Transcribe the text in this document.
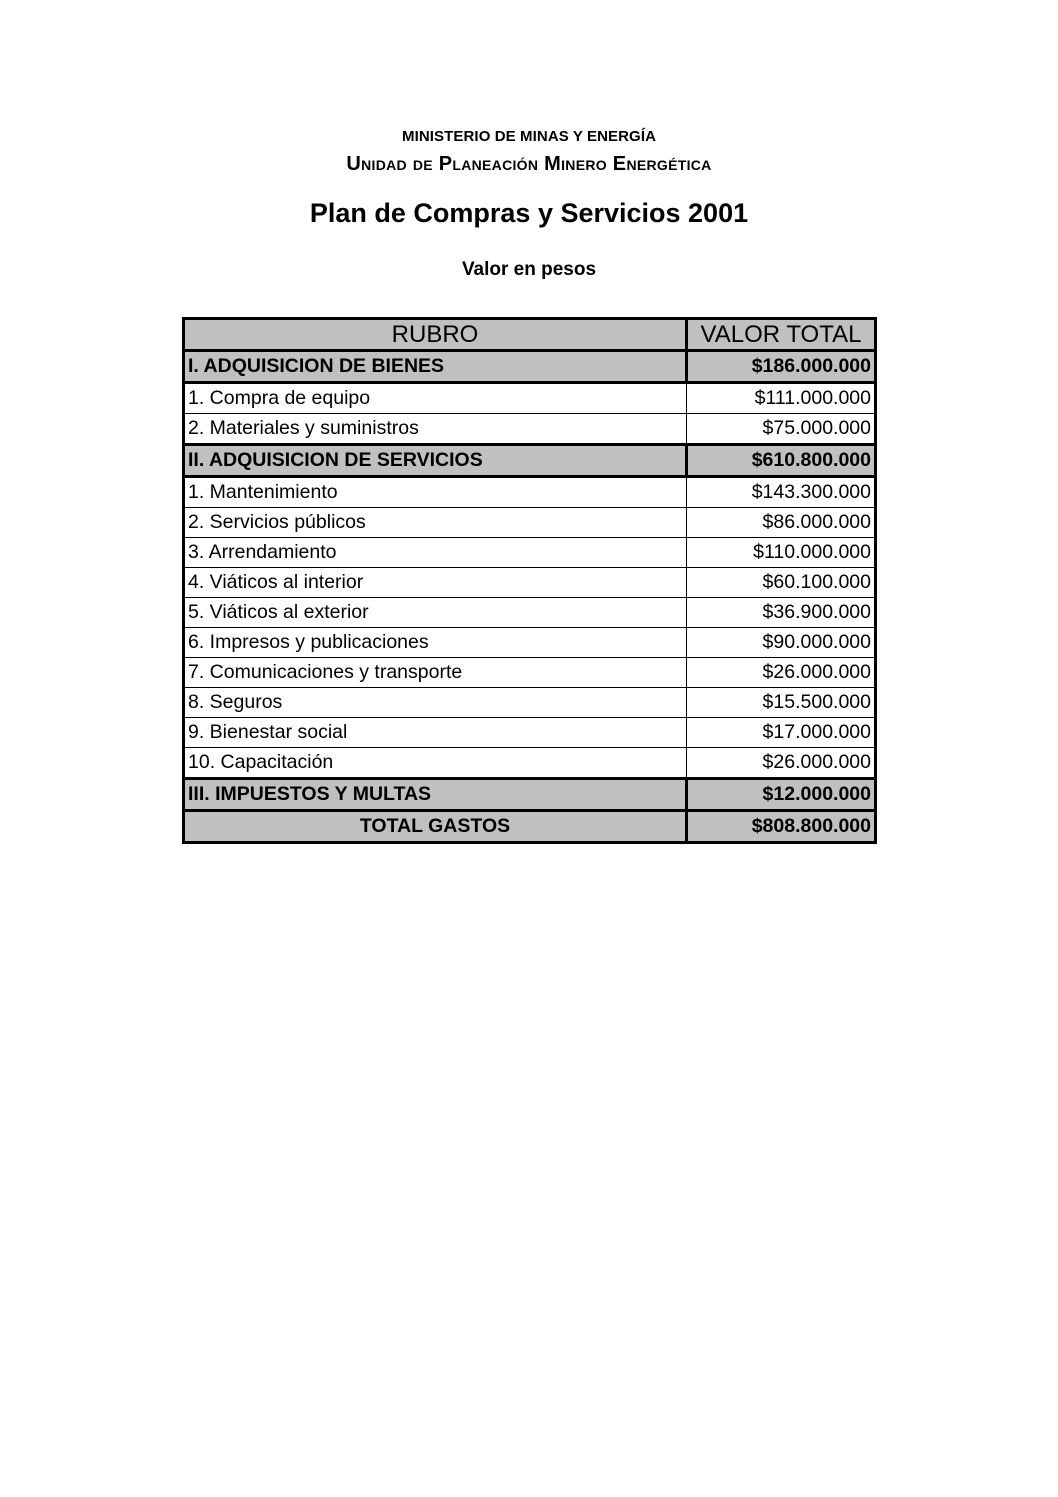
MINISTERIO DE MINAS Y ENERGÍA
Unidad de Planeación Minero Energética
Plan de Compras y Servicios 2001
Valor en pesos
RUBRO	VALOR TOTAL
I. ADQUISICION DE BIENES	$186.000.000
1. Compra de equipo	$111.000.000
2. Materiales y suministros	$75.000.000
II. ADQUISICION DE SERVICIOS	$610.800.000
1. Mantenimiento	$143.300.000
2. Servicios públicos	$86.000.000
3. Arrendamiento	$110.000.000
4. Viáticos al interior	$60.100.000
5. Viáticos al exterior	$36.900.000
6. Impresos y publicaciones	$90.000.000
7. Comunicaciones y transporte	$26.000.000
8. Seguros	$15.500.000
9. Bienestar social	$17.000.000
10. Capacitación	$26.000.000
III. IMPUESTOS Y MULTAS	$12.000.000
TOTAL GASTOS	$808.800.000
